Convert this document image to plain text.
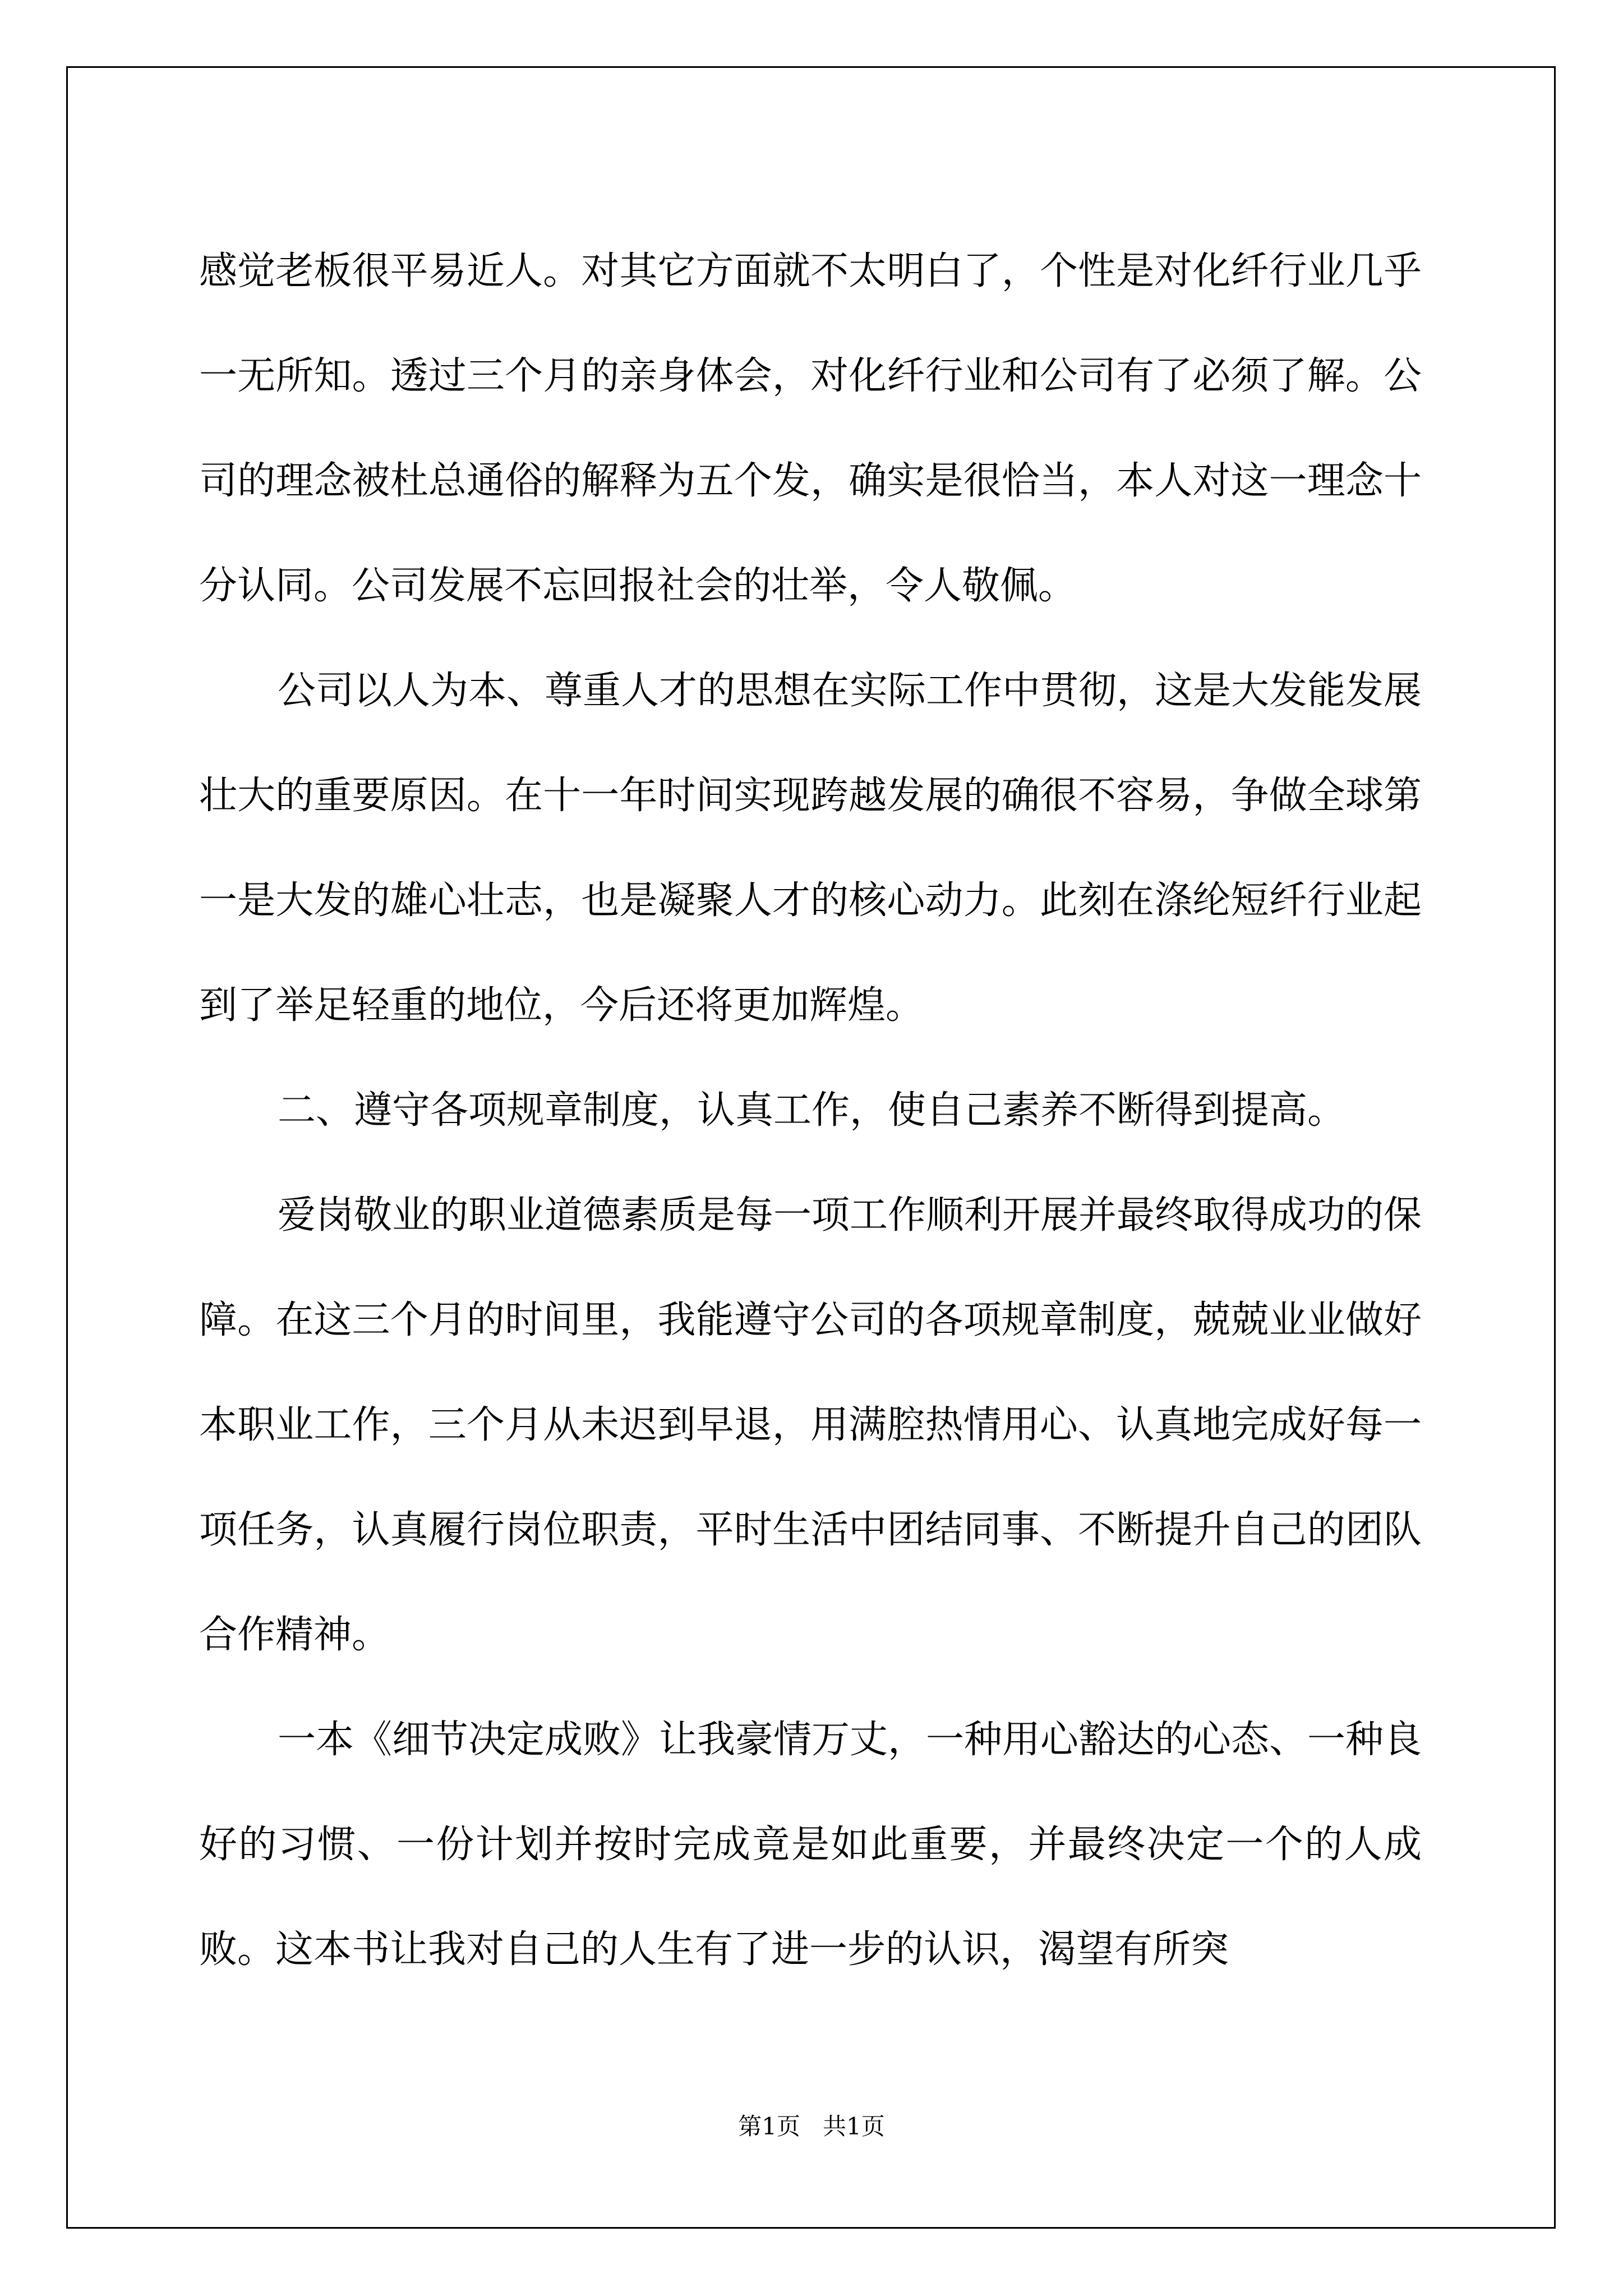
感觉老板很平易近人。对其它方面就不太明白了，个性是对化纤行业几乎一无所知。透过三个月的亲身体会，对化纤行业和公司有了必须了解。公司的理念被杜总通俗的解释为五个发，确实是很恰当，本人对这一理念十分认同。公司发展不忘回报社会的壮举，令人敬佩。

公司以人为本、尊重人才的思想在实际工作中贯彻，这是大发能发展壮大的重要原因。在十一年时间实现跨越发展的确很不容易，争做全球第一是大发的雄心壮志，也是凝聚人才的核心动力。此刻在涤纶短纤行业起到了举足轻重的地位，今后还将更加辉煌。

二、遵守各项规章制度，认真工作，使自己素养不断得到提高。

爱岗敬业的职业道德素质是每一项工作顺利开展并最终取得成功的保障。在这三个月的时间里，我能遵守公司的各项规章制度，兢兢业业做好本职业工作，三个月从未迟到早退，用满腔热情用心、认真地完成好每一项任务，认真履行岗位职责，平时生活中团结同事、不断提升自己的团队合作精神。

一本《细节决定成败》让我豪情万丈，一种用心豁达的心态、一种良好的习惯、一份计划并按时完成竟是如此重要，并最终决定一个的人成败。这本书让我对自己的人生有了进一步的认识，渴望有所突

第1页   共1页
